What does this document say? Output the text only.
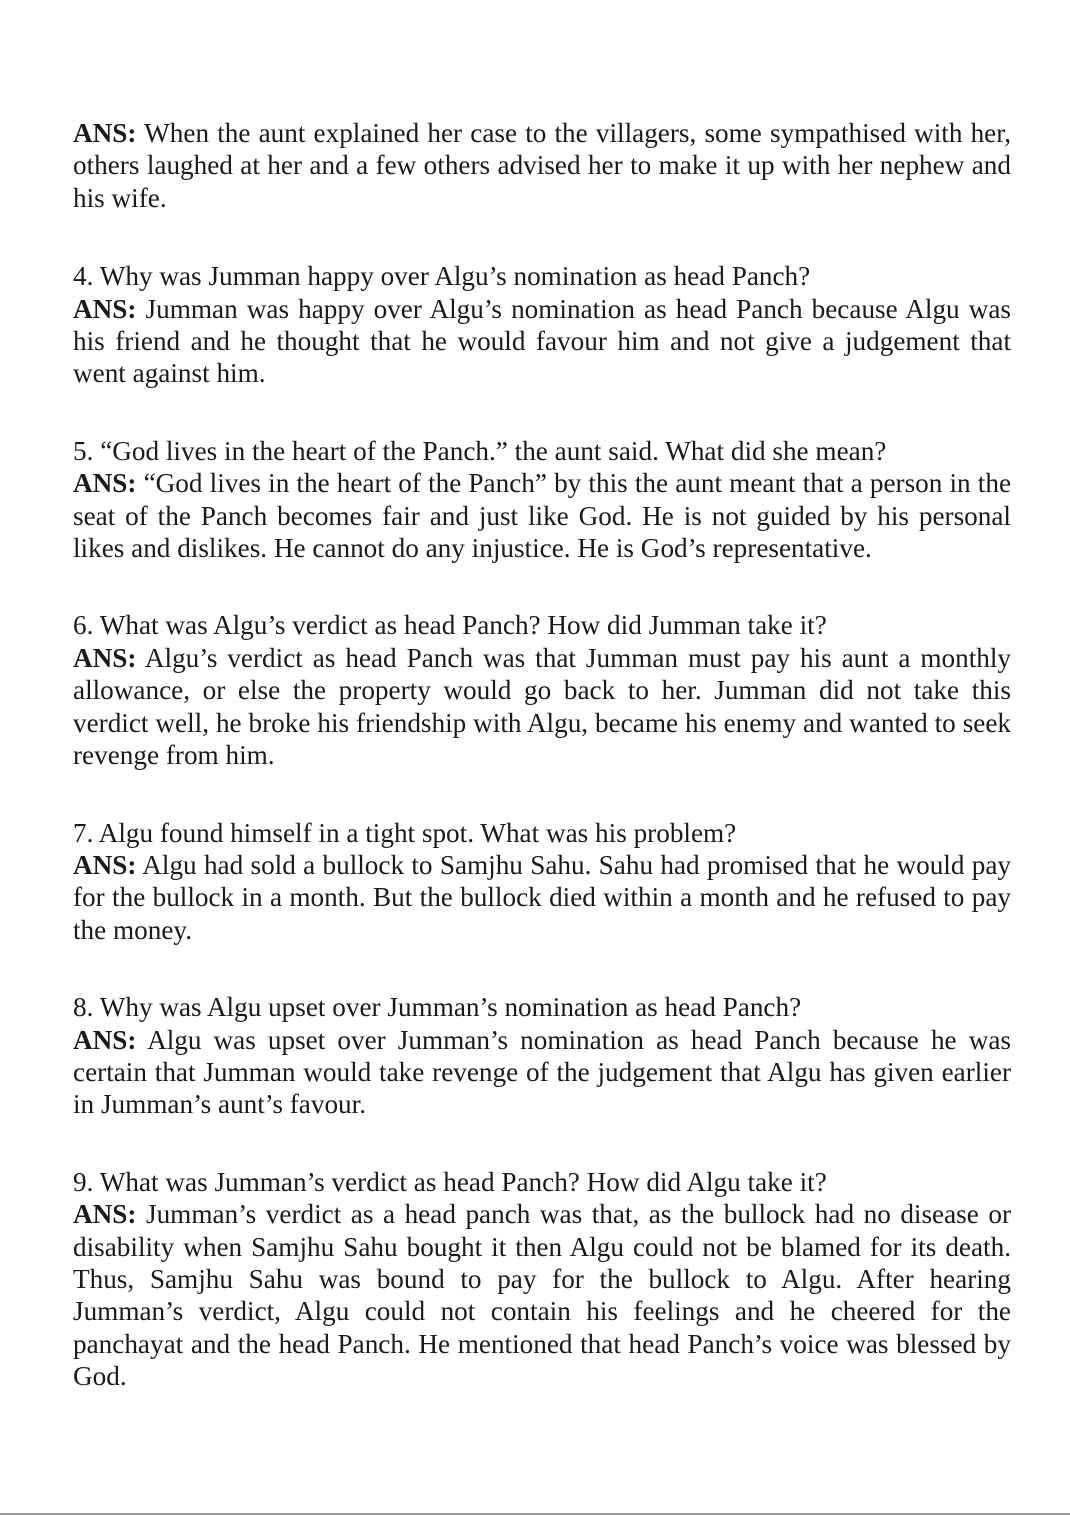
ANS: When the aunt explained her case to the villagers, some sympathised with her, others laughed at her and a few others advised her to make it up with her nephew and his wife.

4. Why was Jumman happy over Algu’s nomination as head Panch?

ANS: Jumman was happy over Algu’s nomination as head Panch because Algu was his friend and he thought that he would favour him and not give a judgement that went against him.

5. “God lives in the heart of the Panch.” the aunt said. What did she mean?

ANS: “God lives in the heart of the Panch” by this the aunt meant that a person in the seat of the Panch becomes fair and just like God. He is not guided by his personal likes and dislikes. He cannot do any injustice. He is God’s representative.

6. What was Algu’s verdict as head Panch? How did Jumman take it?

ANS: Algu’s verdict as head Panch was that Jumman must pay his aunt a monthly allowance, or else the property would go back to her. Jumman did not take this verdict well, he broke his friendship with Algu, became his enemy and wanted to seek revenge from him.

7. Algu found himself in a tight spot. What was his problem?

ANS: Algu had sold a bullock to Samjhu Sahu. Sahu had promised that he would pay for the bullock in a month. But the bullock died within a month and he refused to pay the money.

8. Why was Algu upset over Jumman’s nomination as head Panch?

ANS: Algu was upset over Jumman’s nomination as head Panch because he was certain that Jumman would take revenge of the judgement that Algu has given earlier in Jumman’s aunt’s favour.

9. What was Jumman’s verdict as head Panch? How did Algu take it?

ANS: Jumman’s verdict as a head panch was that, as the bullock had no disease or disability when Samjhu Sahu bought it then Algu could not be blamed for its death. Thus, Samjhu Sahu was bound to pay for the bullock to Algu. After hearing Jumman’s verdict, Algu could not contain his feelings and he cheered for the panchayat and the head Panch. He mentioned that head Panch’s voice was blessed by God.
